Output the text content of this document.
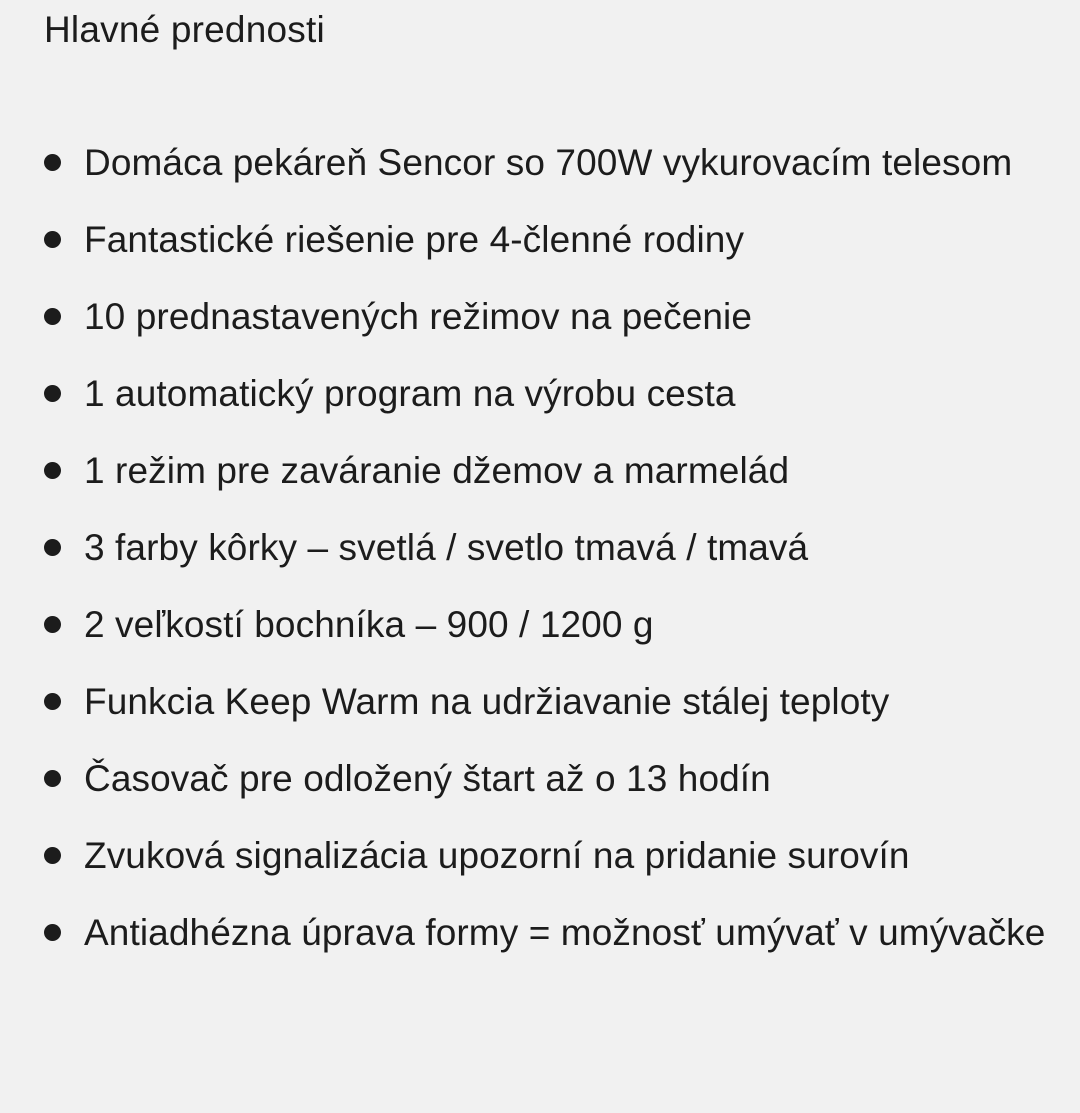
Hlavné prednosti
Domáca pekáreň Sencor so 700W vykurovacím telesom
Fantastické riešenie pre 4-členné rodiny
10 prednastavených režimov na pečenie
1 automatický program na výrobu cesta
1 režim pre zaváranie džemov a marmelád
3 farby kôrky – svetlá / svetlo tmavá / tmavá
2 veľkostí bochníka – 900 / 1200 g
Funkcia Keep Warm na udržiavanie stálej teploty
Časovač pre odložený štart až o 13 hodín
Zvuková signalizácia upozorní na pridanie surovín
Antiadhézna úprava formy = možnosť umývať v umývačke
